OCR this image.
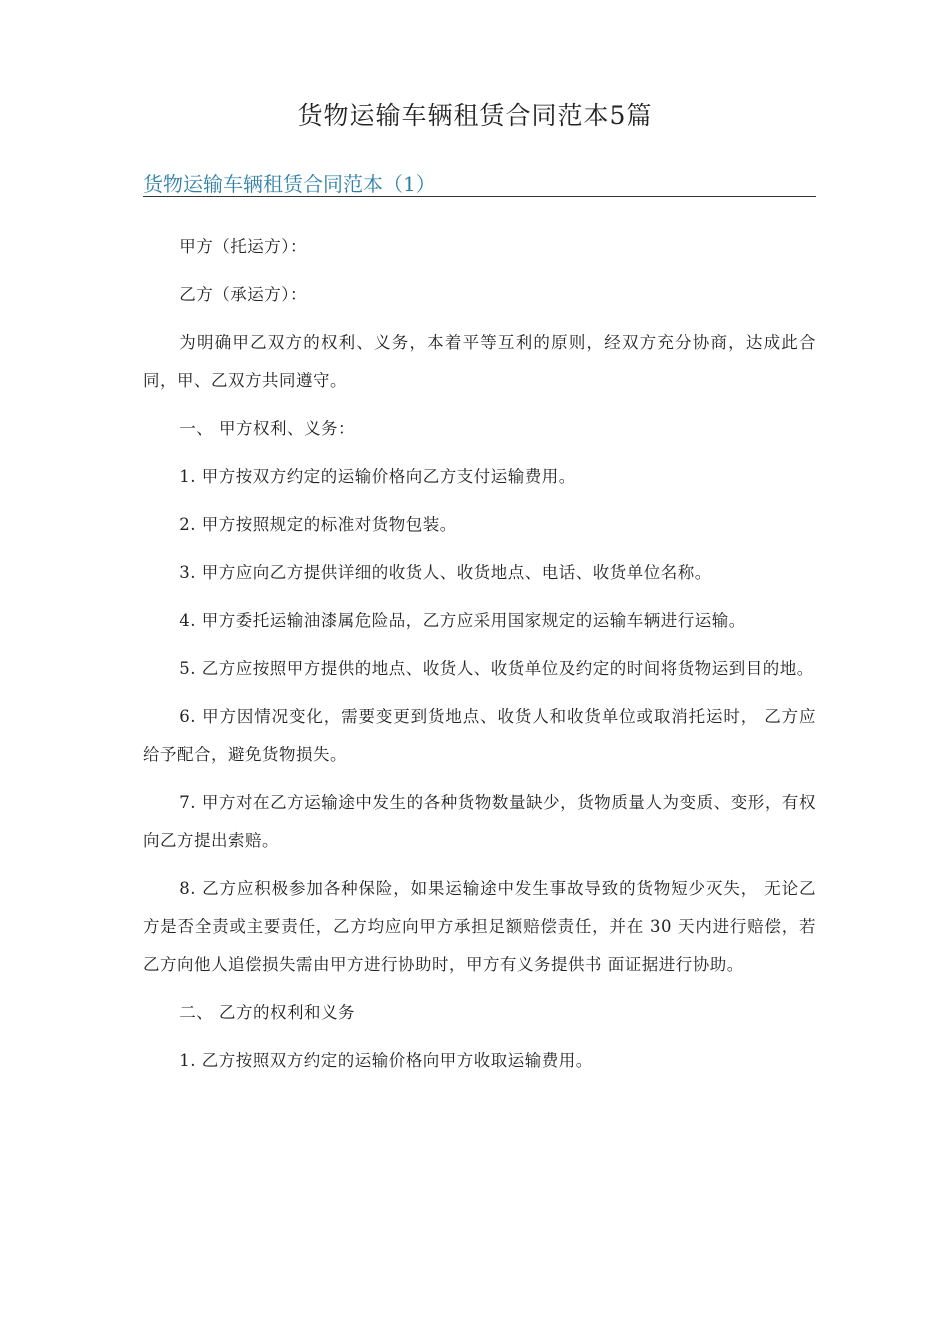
货物运输车辆租赁合同范本5篇
货物运输车辆租赁合同范本（1）

甲方（托运方）：

乙方（承运方）：

为明确甲乙双方的权利、义务，本着平等互利的原则，经双方充分协商，达成此合同，甲、乙双方共同遵守。

一、 甲方权利、义务：

1. 甲方按双方约定的运输价格向乙方支付运输费用。

2. 甲方按照规定的标准对货物包装。

3. 甲方应向乙方提供详细的收货人、收货地点、电话、收货单位名称。

4. 甲方委托运输油漆属危险品，乙方应采用国家规定的运输车辆进行运输。

5. 乙方应按照甲方提供的地点、收货人、收货单位及约定的时间将货物运到目的地。

6. 甲方因情况变化，需要变更到货地点、收货人和收货单位或取消托运时， 乙方应给予配合，避免货物损失。

7. 甲方对在乙方运输途中发生的各种货物数量缺少，货物质量人为变质、变形，有权向乙方提出索赔。

8. 乙方应积极参加各种保险，如果运输途中发生事故导致的货物短少灭失， 无论乙方是否全责或主要责任，乙方均应向甲方承担足额赔偿责任，并在 30 天内进行赔偿，若乙方向他人追偿损失需由甲方进行协助时，甲方有义务提供书 面证据进行协助。

二、 乙方的权利和义务

1. 乙方按照双方约定的运输价格向甲方收取运输费用。
